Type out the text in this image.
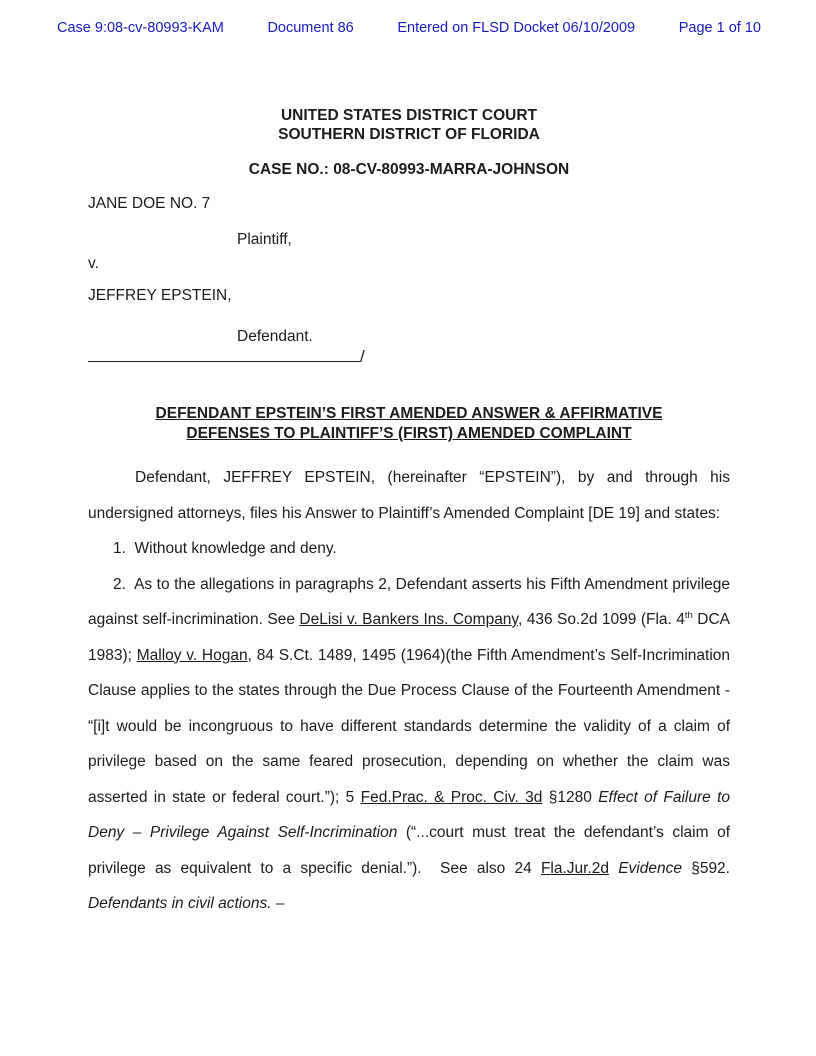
Case 9:08-cv-80993-KAM	Document 86	Entered on FLSD Docket 06/10/2009	Page 1 of 10
UNITED STATES DISTRICT COURT
SOUTHERN DISTRICT OF FLORIDA
CASE NO.: 08-CV-80993-MARRA-JOHNSON
JANE DOE NO. 7
Plaintiff,
v.
JEFFREY EPSTEIN,
Defendant.
/
DEFENDANT EPSTEIN’S FIRST AMENDED ANSWER & AFFIRMATIVE
DEFENSES TO PLAINTIFF’S (FIRST) AMENDED COMPLAINT

Defendant, JEFFREY EPSTEIN, (hereinafter “EPSTEIN”), by and through his undersigned attorneys, files his Answer to Plaintiff’s Amended Complaint [DE 19] and states:

1.  Without knowledge and deny.

2.  As to the allegations in paragraphs 2, Defendant asserts his Fifth Amendment privilege against self-incrimination. See DeLisi v. Bankers Ins. Company, 436 So.2d 1099 (Fla. 4th DCA 1983); Malloy v. Hogan, 84 S.Ct. 1489, 1495 (1964)(the Fifth Amendment’s Self-Incrimination Clause applies to the states through the Due Process Clause of the Fourteenth Amendment - “[i]t would be incongruous to have different standards determine the validity of a claim of privilege based on the same feared prosecution, depending on whether the claim was asserted in state or federal court.”); 5 Fed.Prac. & Proc. Civ. 3d §1280 Effect of Failure to Deny – Privilege Against Self-Incrimination (“...court must treat the defendant’s claim of privilege as equivalent to a specific denial.”).  See also 24 Fla.Jur.2d Evidence §592. Defendants in civil actions. –
